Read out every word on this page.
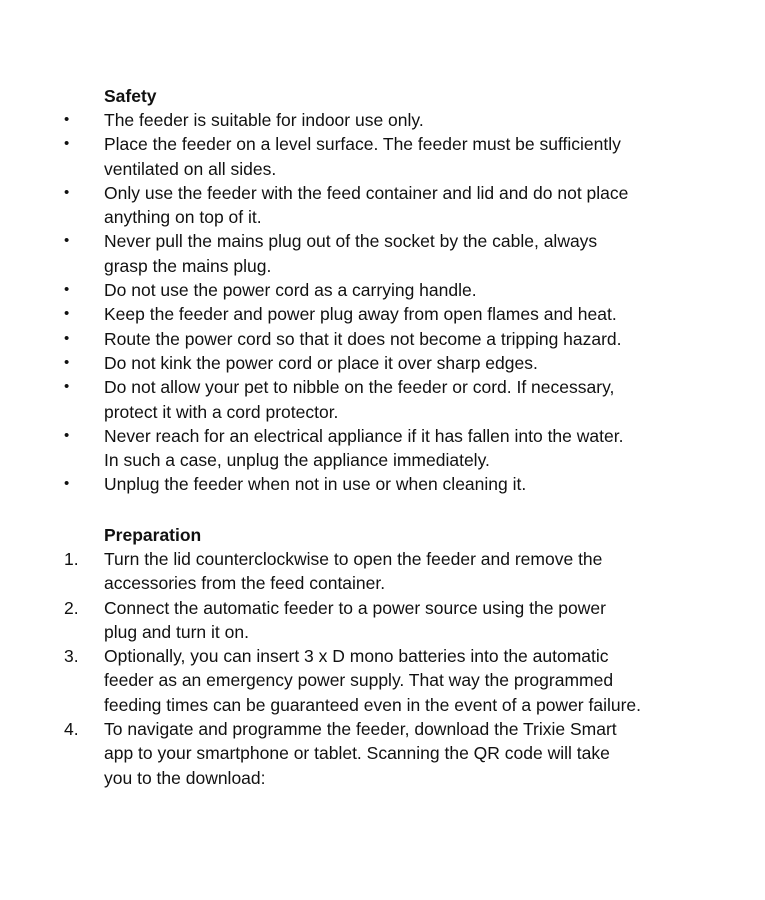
Safety
• The feeder is suitable for indoor use only.
• Place the feeder on a level surface. The feeder must be sufficiently
ventilated on all sides.
• Only use the feeder with the feed container and lid and do not place
anything on top of it.
• Never pull the mains plug out of the socket by the cable, always
grasp the mains plug.
• Do not use the power cord as a carrying handle.
• Keep the feeder and power plug away from open flames and heat.
• Route the power cord so that it does not become a tripping hazard.
• Do not kink the power cord or place it over sharp edges.
• Do not allow your pet to nibble on the feeder or cord. If necessary,
protect it with a cord protector.
• Never reach for an electrical appliance if it has fallen into the water.
In such a case, unplug the appliance immediately.
• Unplug the feeder when not in use or when cleaning it.
Preparation
1. Turn the lid counterclockwise to open the feeder and remove the
accessories from the feed container.
2. Connect the automatic feeder to a power source using the power
plug and turn it on.
3. Optionally, you can insert 3 x D mono batteries into the automatic
feeder as an emergency power supply. That way the programmed
feeding times can be guaranteed even in the event of a power failure.
4. To navigate and programme the feeder, download the Trixie Smart
app to your smartphone or tablet. Scanning the QR code will take
you to the download:
